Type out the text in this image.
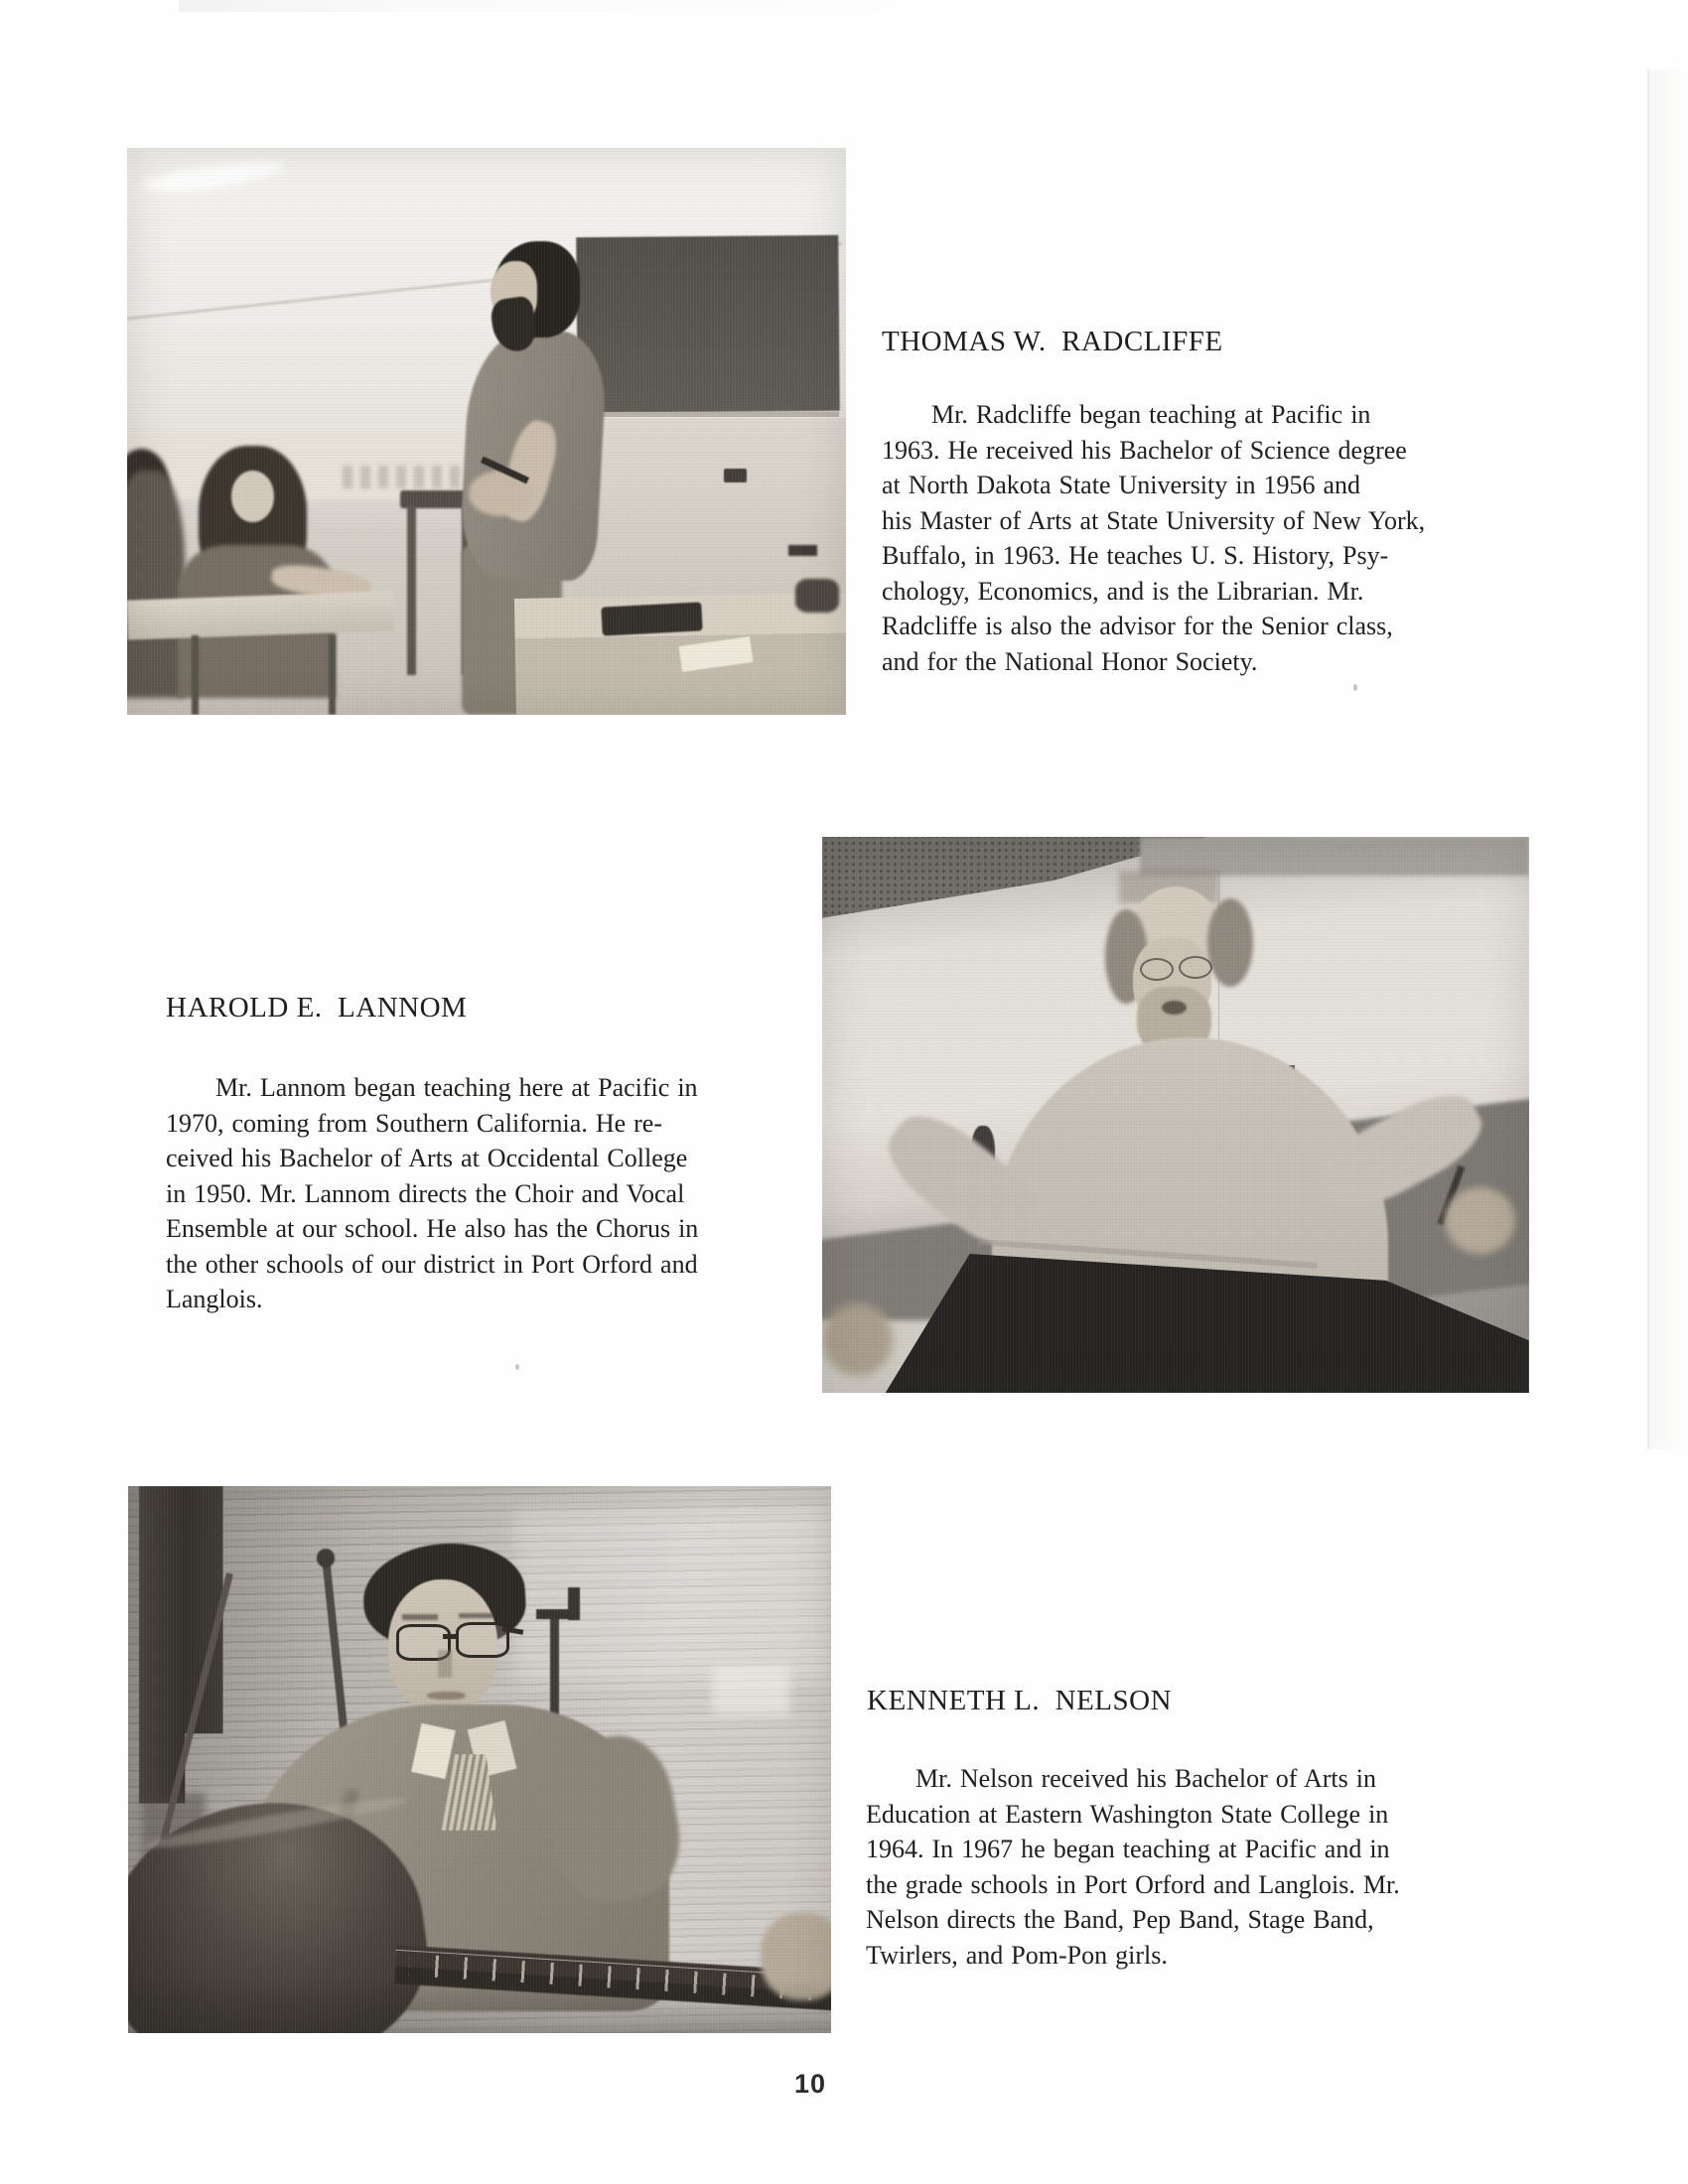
THOMAS W.  RADCLIFFE
Mr. Radcliffe began teaching at Pacific in
1963. He received his Bachelor of Science degree
at North Dakota State University in 1956 and
his Master of Arts at State University of New York,
Buffalo, in 1963. He teaches U. S. History, Psy-
chology, Economics, and is the Librarian. Mr.
Radcliffe is also the advisor for the Senior class,
and for the National Honor Society.
HAROLD E.  LANNOM
Mr. Lannom began teaching here at Pacific in
1970, coming from Southern California. He re-
ceived his Bachelor of Arts at Occidental College
in 1950. Mr. Lannom directs the Choir and Vocal
Ensemble at our school. He also has the Chorus in
the other schools of our district in Port Orford and
Langlois.
KENNETH L.  NELSON
Mr. Nelson received his Bachelor of Arts in
Education at Eastern Washington State College in
1964. In 1967 he began teaching at Pacific and in
the grade schools in Port Orford and Langlois. Mr.
Nelson directs the Band, Pep Band, Stage Band,
Twirlers, and Pom-Pon girls.
10
